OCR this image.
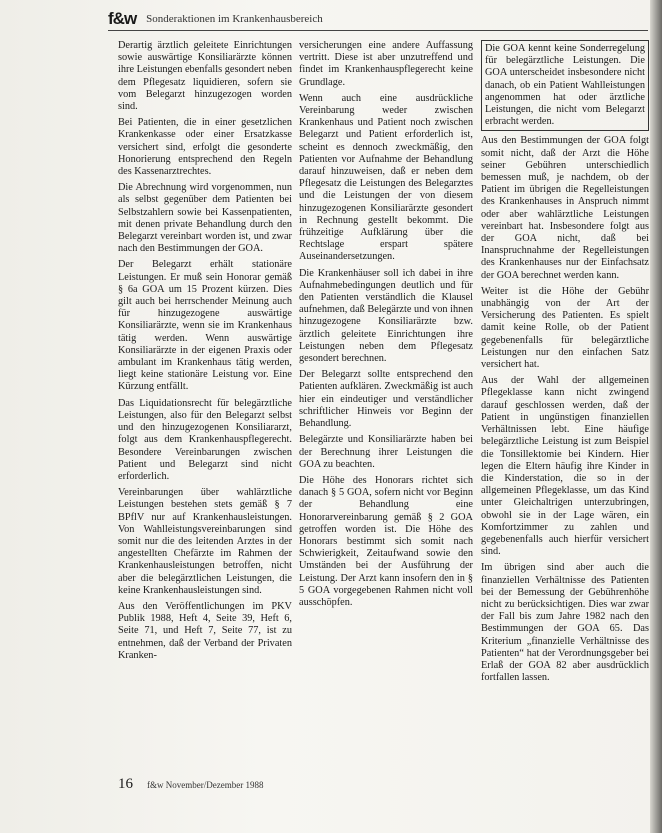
f&w Sonderaktionen im Krankenhausbereich

Derartig ärztlich geleitete Einrichtungen sowie auswärtige Konsiliarärzte können ihre Leistungen ebenfalls gesondert neben dem Pflegesatz liquidieren, sofern sie vom Belegarzt hinzugezogen worden sind.

Bei Patienten, die in einer gesetzlichen Krankenkasse oder einer Ersatzkasse versichert sind, erfolgt die gesonderte Honorierung entsprechend den Regeln des Kassenarztrechtes.

Die Abrechnung wird vorgenommen, nun als selbst gegenüber dem Patienten bei Selbstzahlern sowie bei Kassenpatienten, mit denen private Behandlung durch den Belegarzt vereinbart worden ist, und zwar nach den Bestimmungen der GOA.

Der Belegarzt erhält stationäre Leistungen. Er muß sein Honorar gemäß § 6a GOA um 15 Prozent kürzen. Dies gilt auch bei herrschender Meinung auch für hinzugezogene auswärtige Konsiliarärzte, wenn sie im Krankenhaus tätig werden. Wenn auswärtige Konsiliarärzte in der eigenen Praxis oder ambulant im Krankenhaus tätig werden, liegt keine stationäre Leistung vor. Eine Kürzung entfällt.

Das Liquidationsrecht für belegärztliche Leistungen, also für den Belegarzt selbst und den hinzugezogenen Konsiliararzt, folgt aus dem Krankenhauspflegerecht. Besondere Vereinbarungen zwischen Patient und Belegarzt sind nicht erforderlich.

Vereinbarungen über wahlärztliche Leistungen bestehen stets gemäß § 7 BPflV nur auf Krankenhausleistungen. Von Wahlleistungsvereinbarungen sind somit nur die des leitenden Arztes in der angestellten Chefärzte im Rahmen der Krankenhausleistungen betroffen, nicht aber die belegärztlichen Leistungen, die keine Krankenhausleistungen sind.

Aus den Veröffentlichungen im PKV Publik 1988, Heft 4, Seite 39, Heft 6, Seite 71, und Heft 7, Seite 77, ist zu entnehmen, daß der Verband der Privaten Kranken-

versicherungen eine andere Auffassung vertritt. Diese ist aber unzutreffend und findet im Krankenhauspflegerecht keine Grundlage.

Wenn auch eine ausdrückliche Vereinbarung weder zwischen Krankenhaus und Patient noch zwischen Belegarzt und Patient erforderlich ist, scheint es dennoch zweckmäßig, den Patienten vor Aufnahme der Behandlung darauf hinzuweisen, daß er neben dem Pflegesatz die Leistungen des Belegarztes und die Leistungen der von diesem hinzugezogenen Konsiliarärzte gesondert in Rechnung gestellt bekommt. Die frühzeitige Aufklärung über die Rechtslage erspart spätere Auseinandersetzungen.

Die Krankenhäuser soll ich dabei in ihre Aufnahmebedingungen deutlich und für den Patienten verständlich die Klausel aufnehmen, daß Belegärzte und von ihnen hinzugezogene Konsiliarärzte bzw. ärztlich geleitete Einrichtungen ihre Leistungen neben dem Pflegesatz gesondert berechnen.

Der Belegarzt sollte entsprechend den Patienten aufklären. Zweckmäßig ist auch hier ein eindeutiger und verständlicher schriftlicher Hinweis vor Beginn der Behandlung.

Belegärzte und Konsiliarärzte haben bei der Berechnung ihrer Leistungen die GOA zu beachten.

Die Höhe des Honorars richtet sich danach § 5 GOA, sofern nicht vor Beginn der Behandlung eine Honorarvereinbarung gemäß § 2 GOA getroffen worden ist. Die Höhe des Honorars bestimmt sich somit nach Schwierigkeit, Zeitaufwand sowie den Umständen bei der Ausführung der Leistung. Der Arzt kann insofern den in § 5 GOA vorgegebenen Rahmen nicht voll ausschöpfen.

Die GOA kennt keine Sonderregelung für belegärztliche Leistungen. Die GOA unterscheidet insbesondere nicht danach, ob ein Patient Wahlleistungen angenommen hat oder ärztliche Leistungen, die nicht vom Belegarzt erbracht werden.

Aus den Bestimmungen der GOA folgt somit nicht, daß der Arzt die Höhe seiner Gebühren unterschiedlich bemessen muß, je nachdem, ob der Patient im übrigen die Regelleistungen des Krankenhauses in Anspruch nimmt oder aber wahlärztliche Leistungen vereinbart hat. Insbesondere folgt aus der GOA nicht, daß bei Inanspruchnahme der Regelleistungen des Krankenhauses nur der Einfachsatz der GOA berechnet werden kann.

Weiter ist die Höhe der Gebühr unabhängig von der Art der Versicherung des Patienten. Es spielt damit keine Rolle, ob der Patient gegebenenfalls für belegärztliche Leistungen nur den einfachen Satz versichert hat.

Aus der Wahl der allgemeinen Pflegeklasse kann nicht zwingend darauf geschlossen werden, daß der Patient in ungünstigen finanziellen Verhältnissen lebt. Eine häufige belegärztliche Leistung ist zum Beispiel die Tonsillektomie bei Kindern. Hier legen die Eltern häufig ihre Kinder in die Kinderstation, die so in der allgemeinen Pflegeklasse, um das Kind unter Gleichaltrigen unterzubringen, obwohl sie in der Lage wären, ein Komfortzimmer zu zahlen und gegebenenfalls auch hierfür versichert sind.

Im übrigen sind aber auch die finanziellen Verhältnisse des Patienten bei der Bemessung der Gebührenhöhe nicht zu berücksichtigen. Dies war zwar der Fall bis zum Jahre 1982 nach den Bestimmungen der GOA 65. Das Kriterium „finanzielle Verhältnisse des Patienten“ hat der Verordnungsgeber bei Erlaß der GOA 82 aber ausdrücklich fortfallen lassen.

16 f&w November/Dezember 1988
